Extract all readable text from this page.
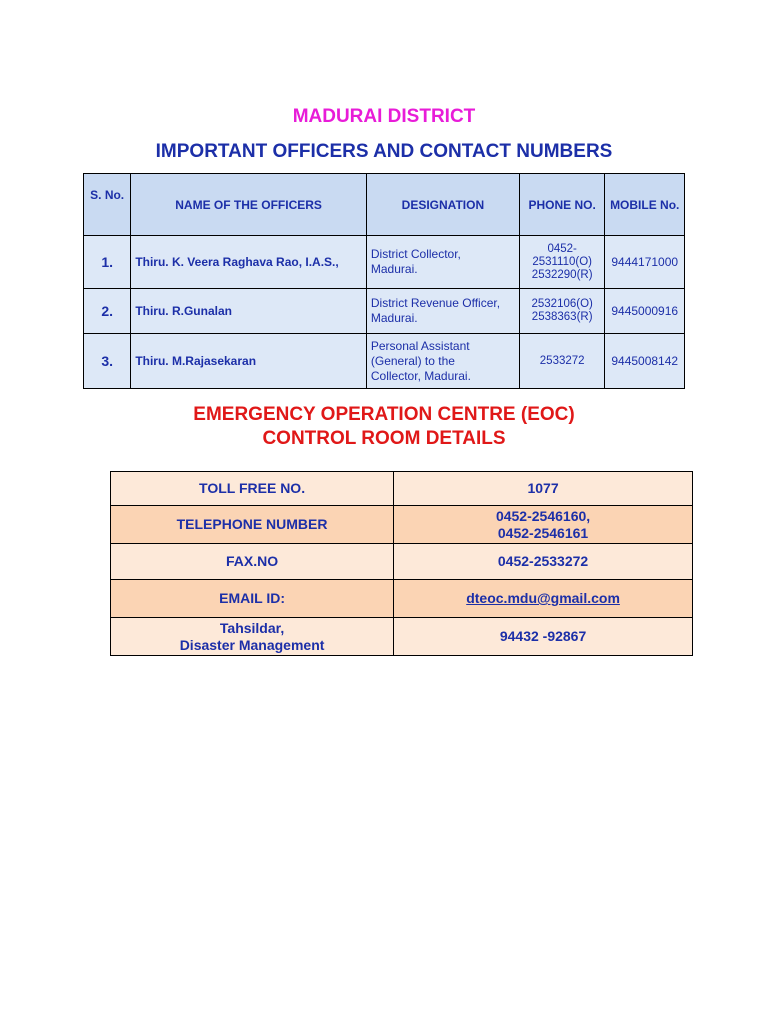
MADURAI DISTRICT
IMPORTANT OFFICERS AND CONTACT NUMBERS
S. No.	NAME OF THE OFFICERS	DESIGNATION	PHONE NO.	MOBILE No.
1.	Thiru. K. Veera Raghava Rao, I.A.S.,	District Collector,
Madurai.	0452-
2531110(O)
2532290(R)	9444171000
2.	Thiru. R.Gunalan	District Revenue Officer,
Madurai.	2532106(O)
2538363(R)	9445000916
3.	Thiru. M.Rajasekaran	Personal Assistant
(General) to the
Collector, Madurai.	2533272	9445008142
EMERGENCY OPERATION CENTRE (EOC)
CONTROL ROOM DETAILS
TOLL FREE NO.	1077
TELEPHONE NUMBER	0452-2546160,
0452-2546161
FAX.NO	0452-2533272
EMAIL ID:	dteoc.mdu@gmail.com
Tahsildar,
Disaster Management	94432 -92867
